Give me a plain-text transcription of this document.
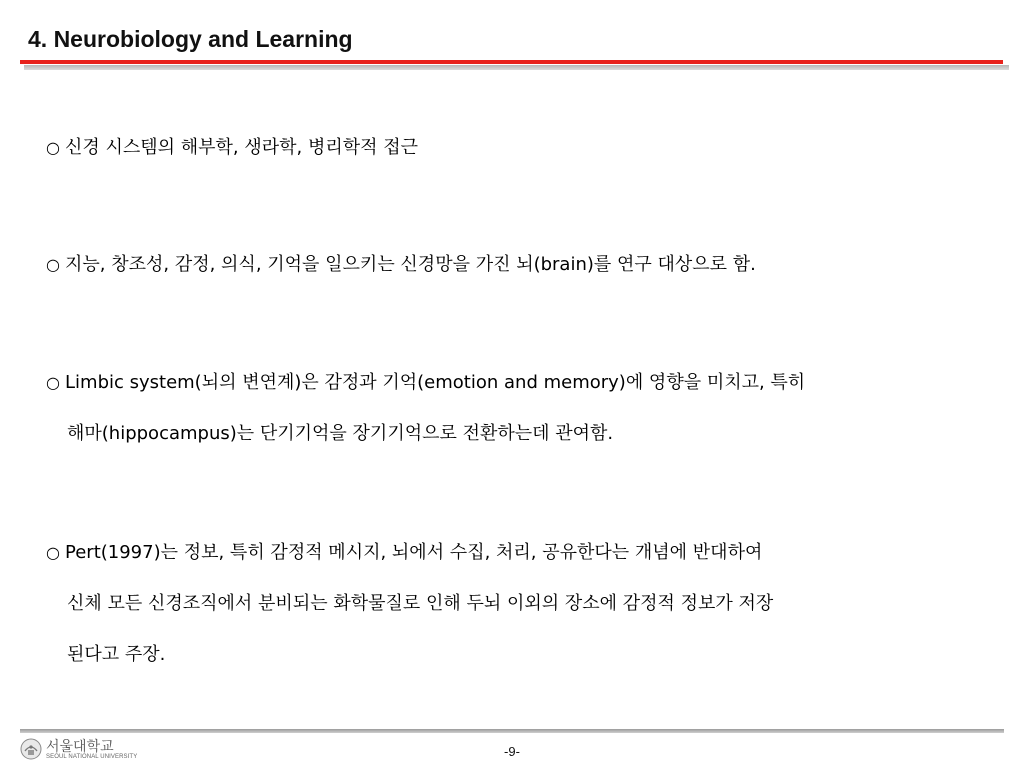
4. Neurobiology and Learning
○ 신경 시스템의 해부학, 생라학, 병리학적 접근
○ 지능, 창조성, 감정, 의식, 기억을 일으키는 신경망을 가진 뇌(brain)를 연구 대상으로 함.
○ Limbic system(뇌의 변연계)은 감정과 기억(emotion and memory)에 영향을 미치고, 특히
해마(hippocampus)는 단기기억을 장기기억으로 전환하는데 관여함.
○ Pert(1997)는 정보, 특히 감정적 메시지, 뇌에서 수집, 처리, 공유한다는 개념에 반대하여
신체 모든 신경조직에서 분비되는 화학물질로 인해 두뇌 이외의 장소에 감정적 정보가 저장
된다고 주장.
서울대학교
SEOUL NATIONAL UNIVERSITY	-9-
